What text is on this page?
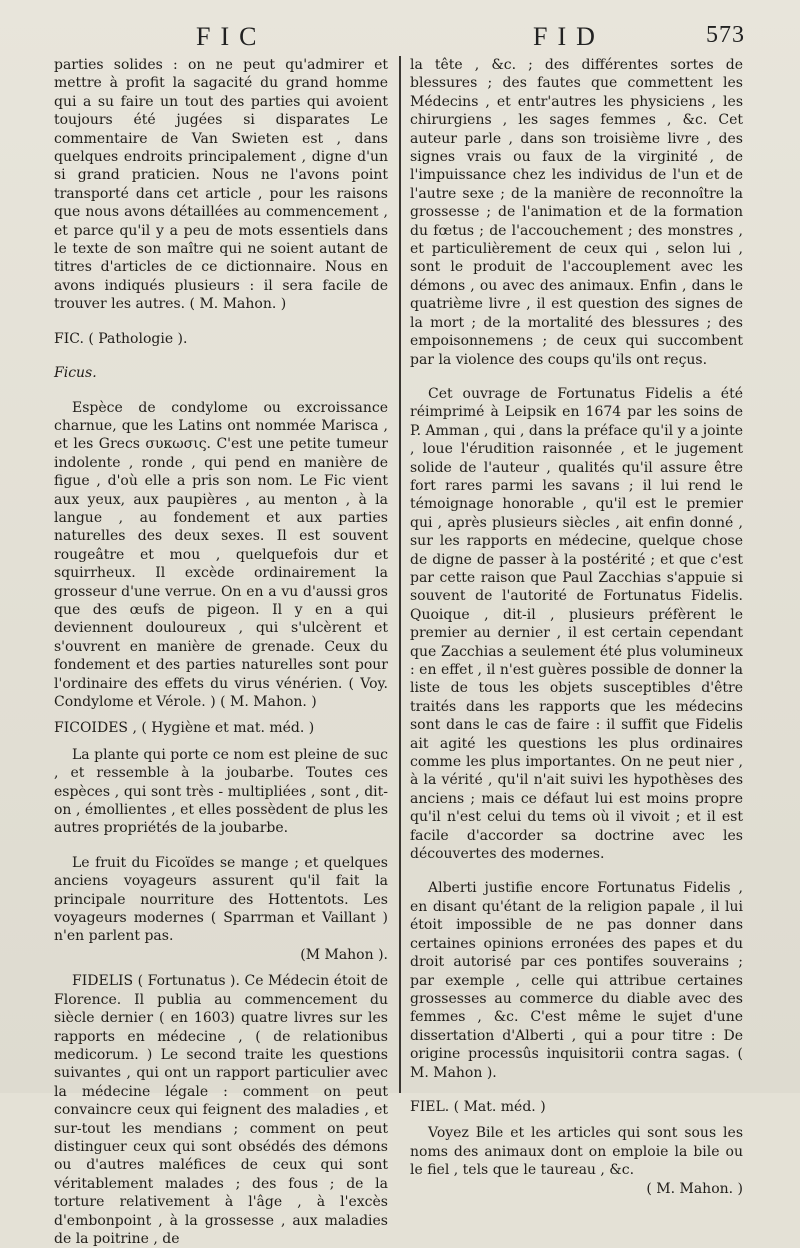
FIC	FID	573

parties solides : on ne peut qu'admirer et mettre à profit la sagacité du grand homme qui a su faire un tout des parties qui avoient toujours été jugées si disparates Le commentaire de Van Swieten est , dans quelques endroits principalement , digne d'un si grand praticien. Nous ne l'avons point transporté dans cet article , pour les raisons que nous avons détaillées au commencement , et parce qu'il y a peu de mots essentiels dans le texte de son maître qui ne soient autant de titres d'articles de ce dictionnaire. Nous en avons indiqués plusieurs : il sera facile de trouver les autres. ( M. Mahon. )

FIC. ( Pathologie ).

Ficus.

Espèce de condylome ou excroissance charnue, que les Latins ont nommée Marisca , et les Grecs συκωσις. C'est une petite tumeur indolente , ronde , qui pend en manière de figue , d'où elle a pris son nom. Le Fic vient aux yeux, aux paupières , au menton , à la langue , au fondement et aux parties naturelles des deux sexes. Il est souvent rougeâtre et mou , quelquefois dur et squirrheux. Il excède ordinairement la grosseur d'une verrue. On en a vu d'aussi gros que des œufs de pigeon. Il y en a qui deviennent douloureux , qui s'ulcèrent et s'ouvrent en manière de grenade. Ceux du fondement et des parties naturelles sont pour l'ordinaire des effets du virus vénérien. ( Voy. Condylome et Vérole. ) ( M. Mahon. )

FICOIDES , ( Hygiène et mat. méd. )

La plante qui porte ce nom est pleine de suc , et ressemble à la joubarbe. Toutes ces espèces , qui sont très - multipliées , sont , dit-on , émollientes , et elles possèdent de plus les autres propriétés de la joubarbe.

Le fruit du Ficoïdes se mange ; et quelques anciens voyageurs assurent qu'il fait la principale nourriture des Hottentots. Les voyageurs modernes ( Sparrman et Vaillant ) n'en parlent pas.

(M Mahon ).

FIDELIS ( Fortunatus ). Ce Médecin étoit de Florence. Il publia au commencement du siècle dernier ( en 1603) quatre livres sur les rapports en médecine , ( de relationibus medicorum. ) Le second traite les questions suivantes , qui ont un rapport particulier avec la médecine légale : comment on peut convaincre ceux qui feignent des maladies , et sur-tout les mendians ; comment on peut distinguer ceux qui sont obsédés des démons ou d'autres maléfices de ceux qui sont véritablement malades ; des fous ; de la torture relativement à l'âge , à l'excès d'embonpoint , à la grossesse , aux maladies de la poitrine , de

la tête , &c. ; des différentes sortes de blessures ; des fautes que commettent les Médecins , et entr'autres les physiciens , les chirurgiens , les sages femmes , &c. Cet auteur parle , dans son troisième livre , des signes vrais ou faux de la virginité , de l'impuissance chez les individus de l'un et de l'autre sexe ; de la manière de reconnoître la grossesse ; de l'animation et de la formation du fœtus ; de l'accouchement ; des monstres , et particulièrement de ceux qui , selon lui , sont le produit de l'accouplement avec les démons , ou avec des animaux. Enfin , dans le quatrième livre , il est question des signes de la mort ; de la mortalité des blessures ; des empoisonnemens ; de ceux qui succombent par la violence des coups qu'ils ont reçus.

Cet ouvrage de Fortunatus Fidelis a été réimprimé à Leipsik en 1674 par les soins de P. Amman , qui , dans la préface qu'il y a jointe , loue l'érudition raisonnée , et le jugement solide de l'auteur , qualités qu'il assure être fort rares parmi les savans ; il lui rend le témoignage honorable , qu'il est le premier qui , après plusieurs siècles , ait enfin donné , sur les rapports en médecine, quelque chose de digne de passer à la postérité ; et que c'est par cette raison que Paul Zacchias s'appuie si souvent de l'autorité de Fortunatus Fidelis. Quoique , dit-il , plusieurs préfèrent le premier au dernier , il est certain cependant que Zacchias a seulement été plus volumineux : en effet , il n'est guères possible de donner la liste de tous les objets susceptibles d'être traités dans les rapports que les médecins sont dans le cas de faire : il suffit que Fidelis ait agité les questions les plus ordinaires comme les plus importantes. On ne peut nier , à la vérité , qu'il n'ait suivi les hypothèses des anciens ; mais ce défaut lui est moins propre qu'il n'est celui du tems où il vivoit ; et il est facile d'accorder sa doctrine avec les découvertes des modernes.

Alberti justifie encore Fortunatus Fidelis , en disant qu'étant de la religion papale , il lui étoit impossible de ne pas donner dans certaines opinions erronées des papes et du droit autorisé par ces pontifes souverains ; par exemple , celle qui attribue certaines grossesses au commerce du diable avec des femmes , &c. C'est même le sujet d'une dissertation d'Alberti , qui a pour titre : De origine processûs inquisitorii contra sagas. ( M. Mahon ).

FIEL. ( Mat. méd. )

Voyez Bile et les articles qui sont sous les noms des animaux dont on emploie la bile ou le fiel , tels que le taureau , &c.

( M. Mahon. )
